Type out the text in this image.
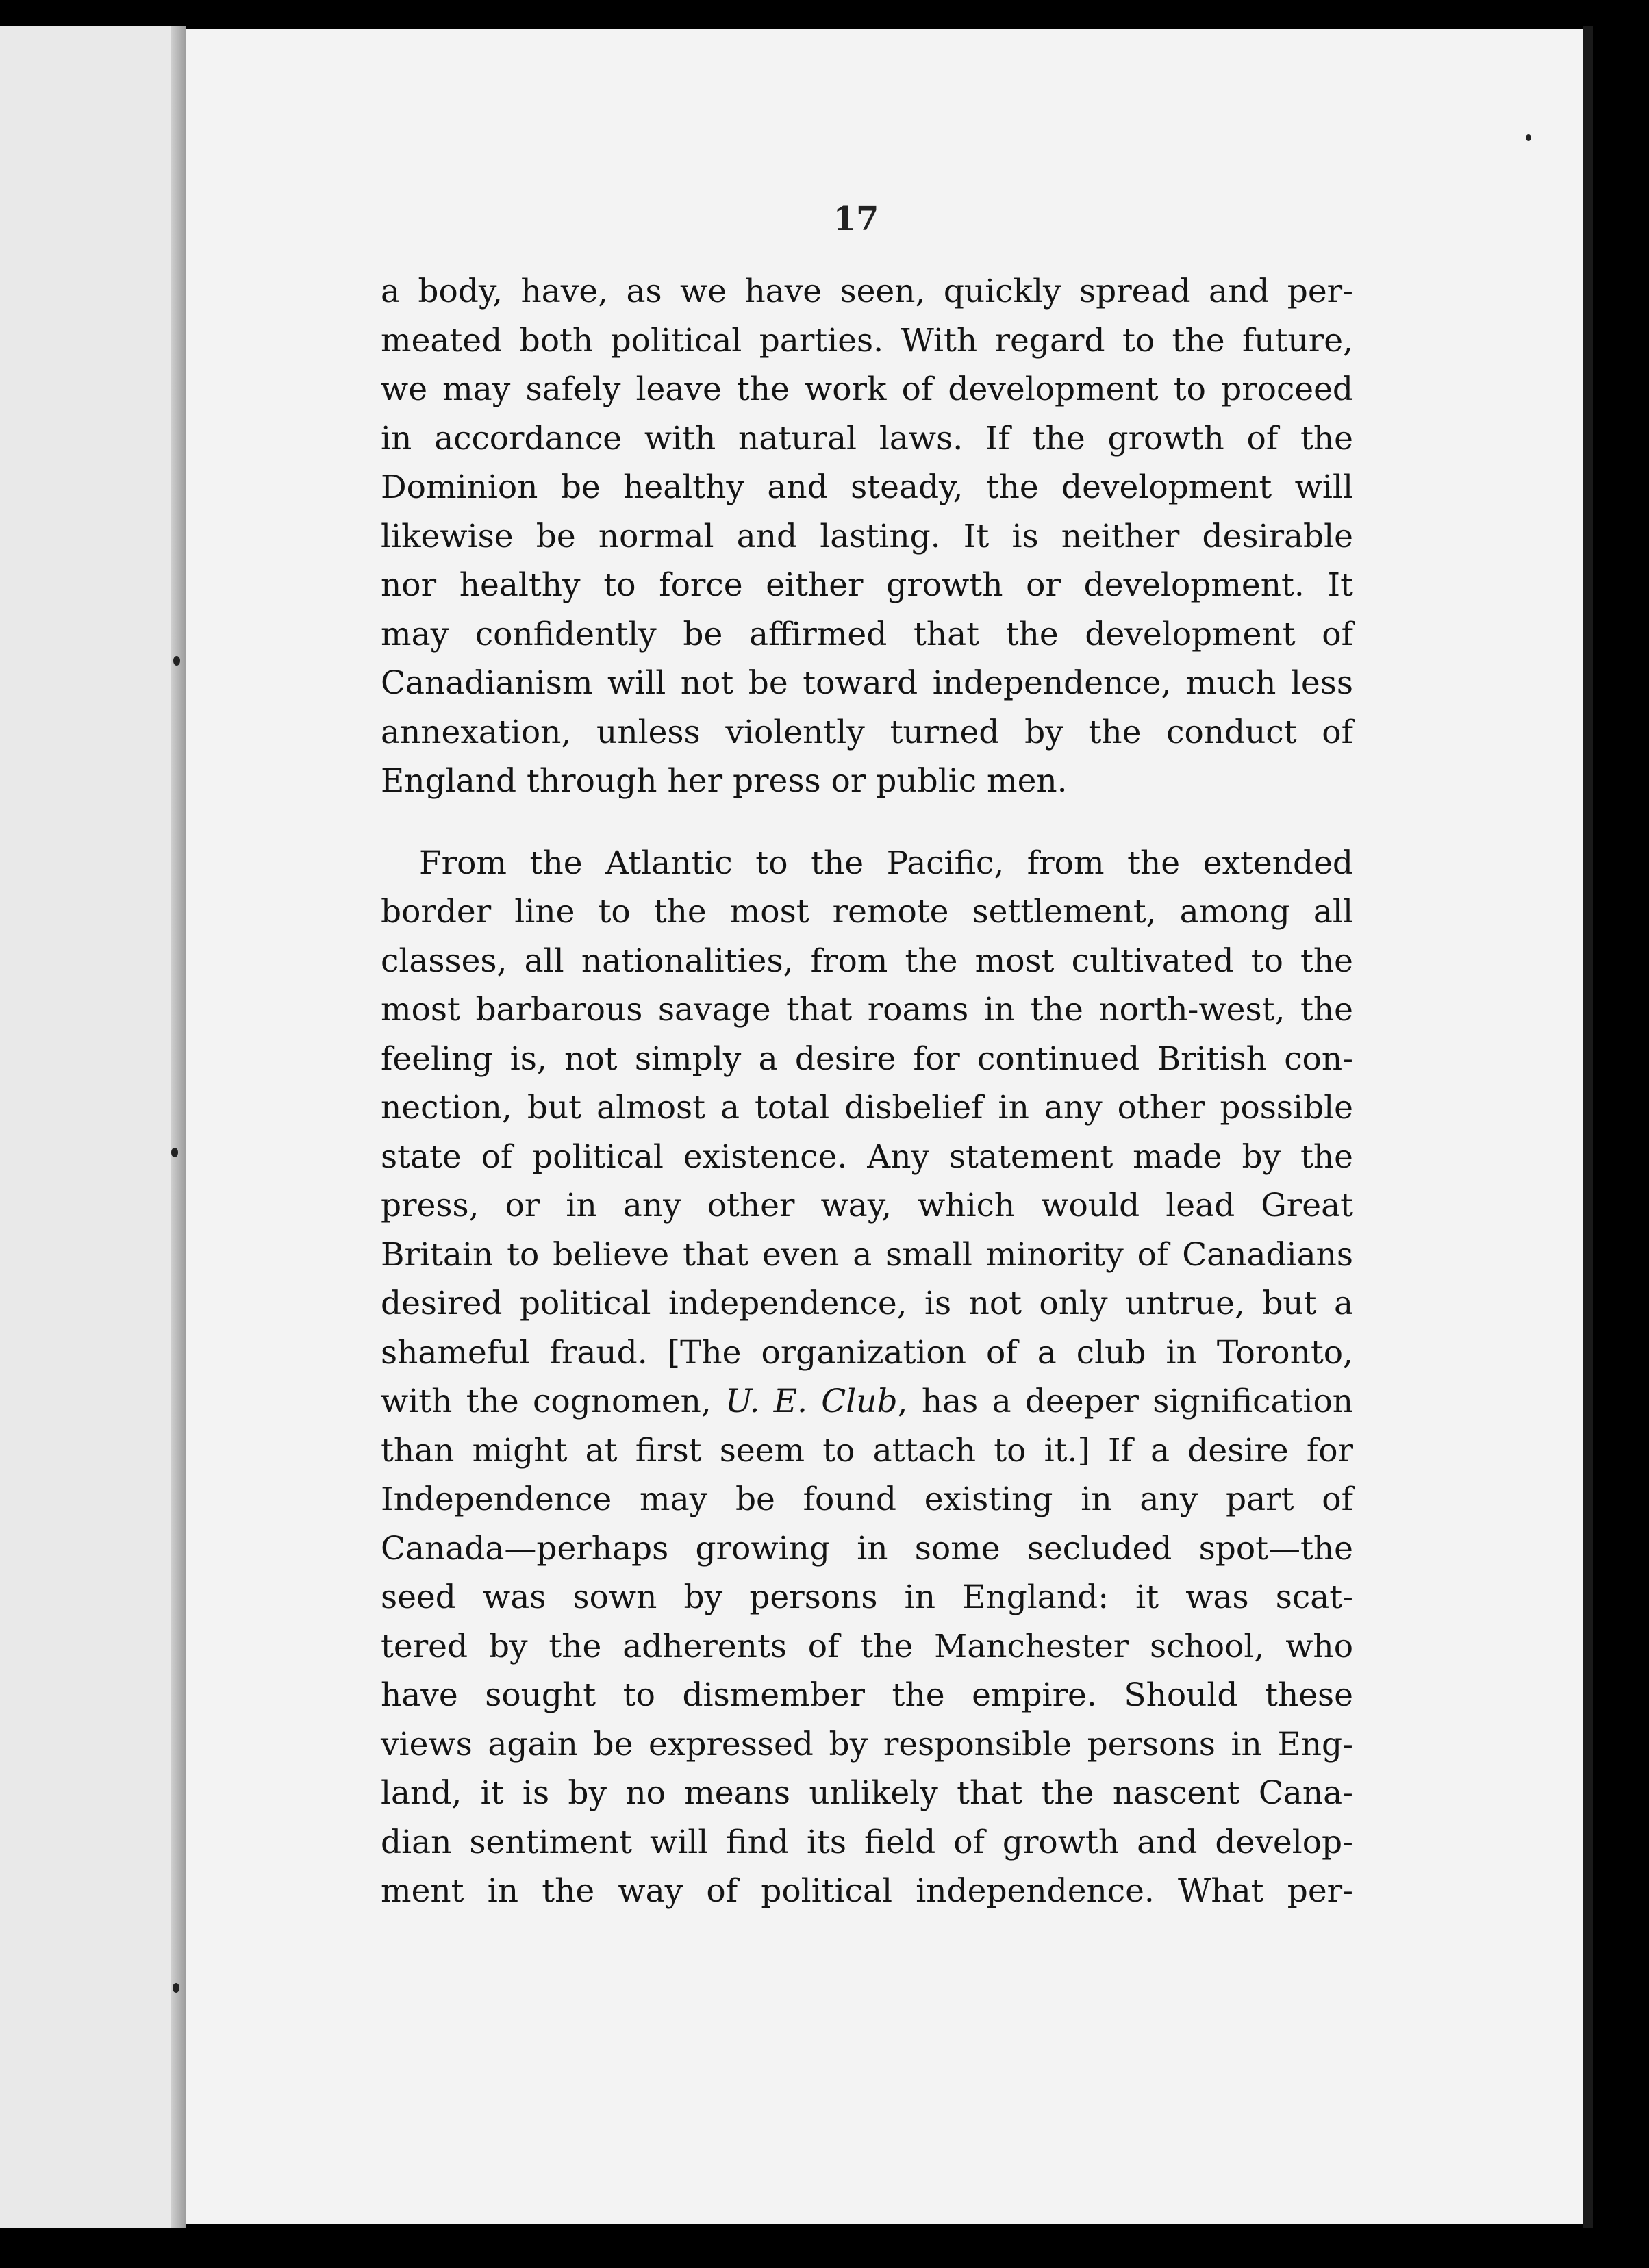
17

a body, have, as we have seen, quickly spread and per-
meated both political parties. With regard to the future,
we may safely leave the work of development to proceed
in accordance with natural laws. If the growth of the
Dominion be healthy and steady, the development will
likewise be normal and lasting. It is neither desirable
nor healthy to force either growth or development. It
may confidently be affirmed that the development of
Canadianism will not be toward independence, much less
annexation, unless violently turned by the conduct of
England through her press or public men.

From the Atlantic to the Pacific, from the extended
border line to the most remote settlement, among all
classes, all nationalities, from the most cultivated to the
most barbarous savage that roams in the north-west, the
feeling is, not simply a desire for continued British con-
nection, but almost a total disbelief in any other possible
state of political existence. Any statement made by the
press, or in any other way, which would lead Great
Britain to believe that even a small minority of Canadians
desired political independence, is not only untrue, but a
shameful fraud. [The organization of a club in Toronto,
with the cognomen, U. E. Club, has a deeper signification
than might at first seem to attach to it.] If a desire for
Independence may be found existing in any part of
Canada—perhaps growing in some secluded spot—the
seed was sown by persons in England: it was scat-
tered by the adherents of the Manchester school, who
have sought to dismember the empire. Should these
views again be expressed by responsible persons in Eng-
land, it is by no means unlikely that the nascent Cana-
dian sentiment will find its field of growth and develop-
ment in the way of political independence. What per-
